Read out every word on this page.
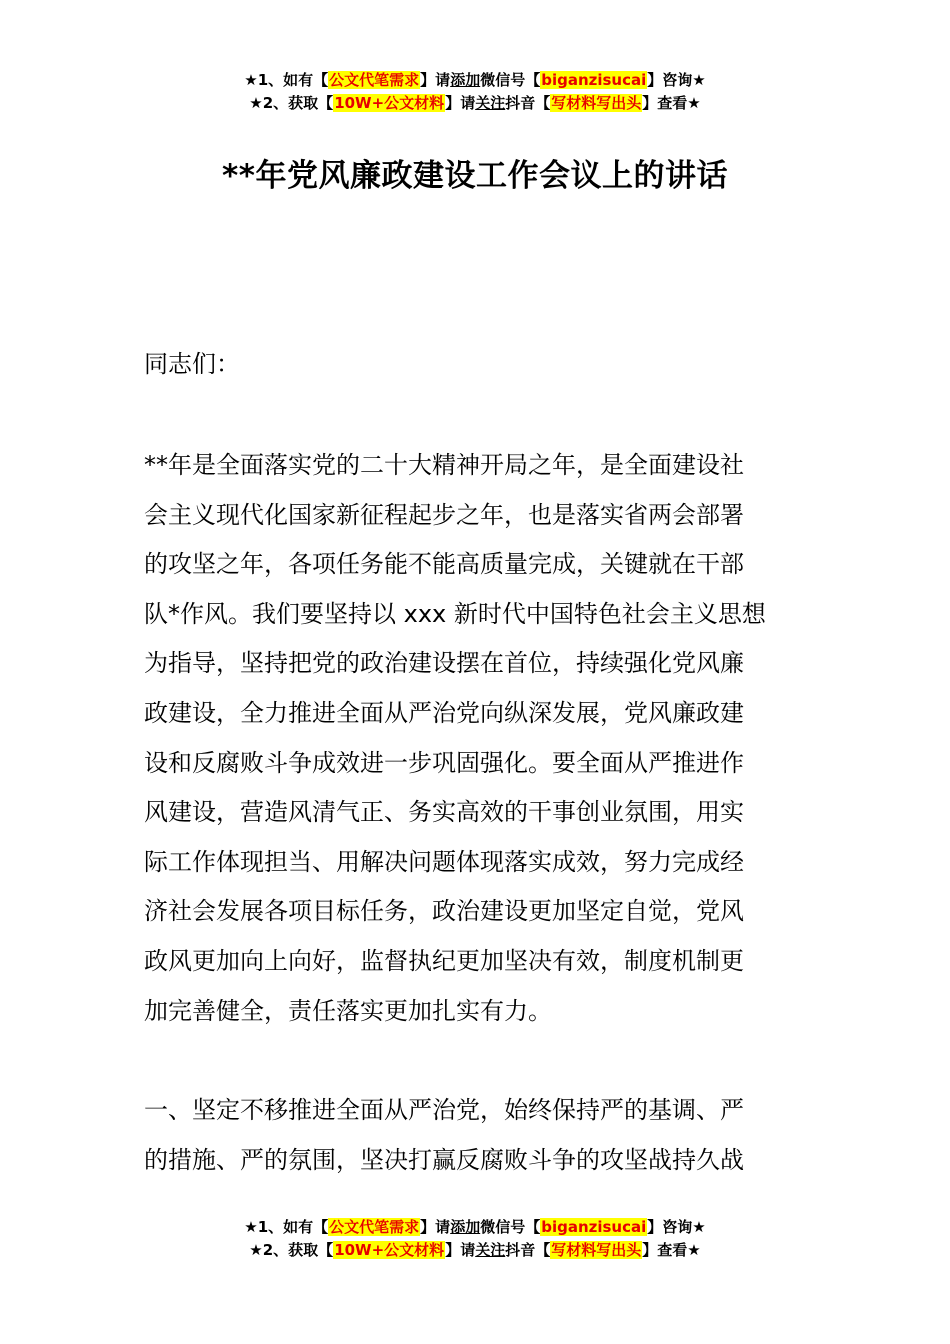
★1、如有【公文代笔需求】请添加微信号【biganzisucai】咨询★
★2、获取【10W+公文材料】请关注抖音【写材料写出头】查看★
**年党风廉政建设工作会议上的讲话
同志们：
**年是全面落实党的二十大精神开局之年，是全面建设社
会主义现代化国家新征程起步之年，也是落实省两会部署
的攻坚之年，各项任务能不能高质量完成，关键就在干部
队*作风。我们要坚持以 xxx 新时代中国特色社会主义思想
为指导，坚持把党的政治建设摆在首位，持续强化党风廉
政建设，全力推进全面从严治党向纵深发展，党风廉政建
设和反腐败斗争成效进一步巩固强化。要全面从严推进作
风建设，营造风清气正、务实高效的干事创业氛围，用实
际工作体现担当、用解决问题体现落实成效，努力完成经
济社会发展各项目标任务，政治建设更加坚定自觉，党风
政风更加向上向好，监督执纪更加坚决有效，制度机制更
加完善健全，责任落实更加扎实有力。
一、坚定不移推进全面从严治党，始终保持严的基调、严
的措施、严的氛围，坚决打赢反腐败斗争的攻坚战持久战
★1、如有【公文代笔需求】请添加微信号【biganzisucai】咨询★
★2、获取【10W+公文材料】请关注抖音【写材料写出头】查看★
